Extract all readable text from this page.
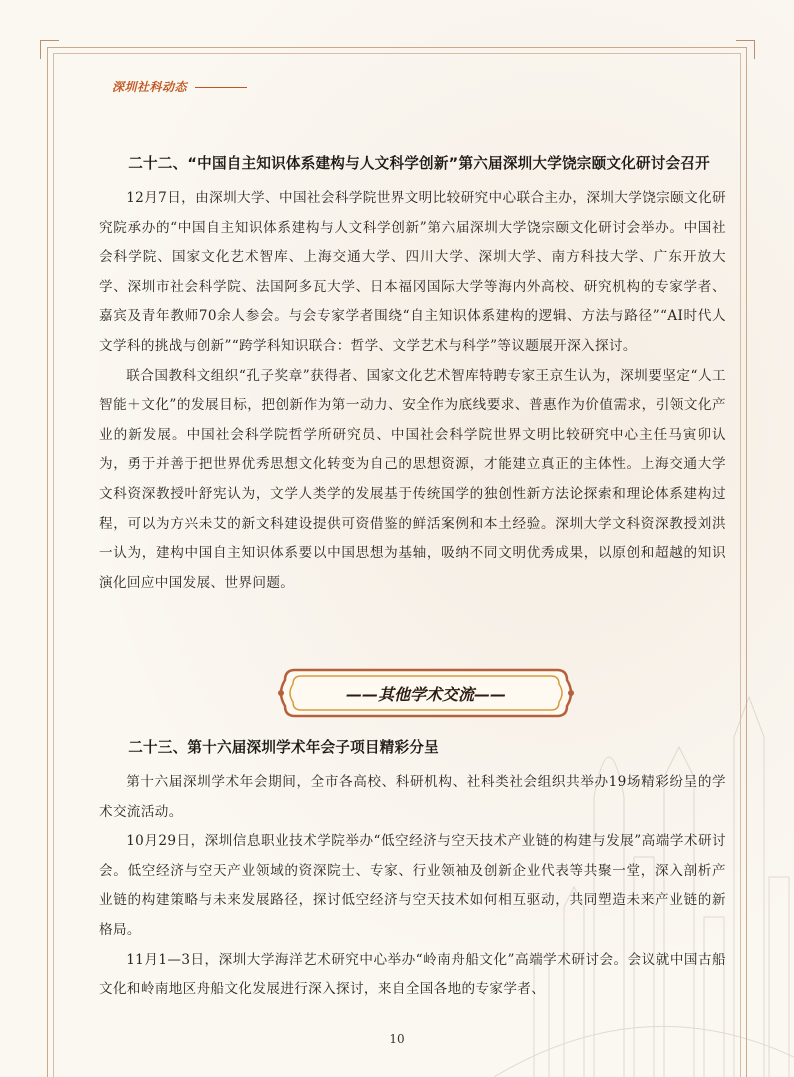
深圳社科动态
二十二、“中国自主知识体系建构与人文科学创新”第六届深圳大学饶宗颐文化研讨会召开

12月7日，由深圳大学、中国社会科学院世界文明比较研究中心联合主办，深圳大学饶宗颐文化研究院承办的“中国自主知识体系建构与人文科学创新”第六届深圳大学饶宗颐文化研讨会举办。中国社会科学院、国家文化艺术智库、上海交通大学、四川大学、深圳大学、南方科技大学、广东开放大学、深圳市社会科学院、法国阿多瓦大学、日本福冈国际大学等海内外高校、研究机构的专家学者、嘉宾及青年教师70余人参会。与会专家学者围绕“自主知识体系建构的逻辑、方法与路径”“AI时代人文学科的挑战与创新”“跨学科知识联合：哲学、文学艺术与科学”等议题展开深入探讨。

联合国教科文组织“孔子奖章”获得者、国家文化艺术智库特聘专家王京生认为，深圳要坚定“人工智能＋文化”的发展目标，把创新作为第一动力、安全作为底线要求、普惠作为价值需求，引领文化产业的新发展。中国社会科学院哲学所研究员、中国社会科学院世界文明比较研究中心主任马寅卯认为，勇于并善于把世界优秀思想文化转变为自己的思想资源，才能建立真正的主体性。上海交通大学文科资深教授叶舒宪认为，文学人类学的发展基于传统国学的独创性新方法论探索和理论体系建构过程，可以为方兴未艾的新文科建设提供可资借鉴的鲜活案例和本土经验。深圳大学文科资深教授刘洪一认为，建构中国自主知识体系要以中国思想为基轴，吸纳不同文明优秀成果，以原创和超越的知识演化回应中国发展、世界问题。

——其他学术交流——
二十三、第十六届深圳学术年会子项目精彩分呈

第十六届深圳学术年会期间，全市各高校、科研机构、社科类社会组织共举办19场精彩纷呈的学术交流活动。

10月29日，深圳信息职业技术学院举办“低空经济与空天技术产业链的构建与发展”高端学术研讨会。低空经济与空天产业领域的资深院士、专家、行业领袖及创新企业代表等共聚一堂，深入剖析产业链的构建策略与未来发展路径，探讨低空经济与空天技术如何相互驱动，共同塑造未来产业链的新格局。

11月1—3日，深圳大学海洋艺术研究中心举办“岭南舟船文化”高端学术研讨会。会议就中国古船文化和岭南地区舟船文化发展进行深入探讨，来自全国各地的专家学者、

10
